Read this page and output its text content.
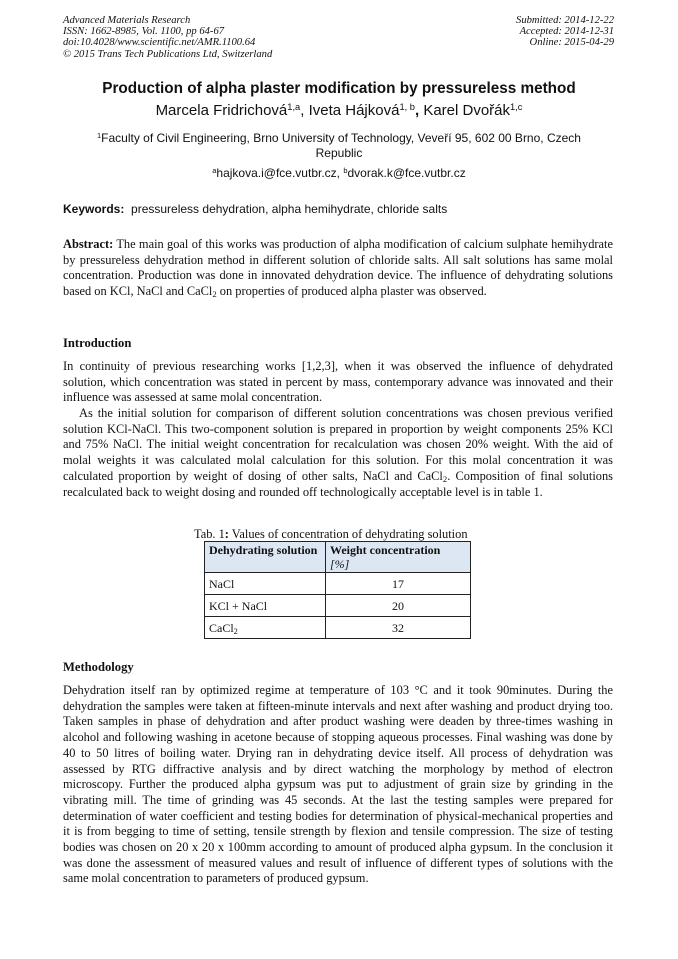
Advanced Materials Research
ISSN: 1662-8985, Vol. 1100, pp 64-67
doi:10.4028/www.scientific.net/AMR.1100.64
© 2015 Trans Tech Publications Ltd, Switzerland
Submitted: 2014-12-22
Accepted: 2014-12-31
Online: 2015-04-29
Production of alpha plaster modification by pressureless method
Marcela Fridrichová$^{1,a}$, Iveta Hájková$^{1, b}$, Karel Dvořák$^{1,c}$
$^1$Faculty of Civil Engineering, Brno University of Technology, Veveří 95, 602 00 Brno, Czech Republic
$^a$hajkova.i@fce.vutbr.cz, $^b$dvorak.k@fce.vutbr.cz
Keywords: pressureless dehydration, alpha hemihydrate, chloride salts
Abstract: The main goal of this works was production of alpha modification of calcium sulphate hemihydrate by pressureless dehydration method in different solution of chloride salts. All salt solutions has same molal concentration. Production was done in innovated dehydration device. The influence of dehydrating solutions based on KCl, NaCl and CaCl$_2$ on properties of produced alpha plaster was observed.
Introduction
In continuity of previous researching works [1,2,3], when it was observed the influence of dehydrated solution, which concentration was stated in percent by mass, contemporary advance was innovated and their influence was assessed at same molal concentration.
As the initial solution for comparison of different solution concentrations was chosen previous verified solution KCl-NaCl. This two-component solution is prepared in proportion by weight components 25% KCl and 75% NaCl. The initial weight concentration for recalculation was chosen 20% weight. With the aid of molal weights it was calculated molal calculation for this solution. For this molal concentration it was calculated proportion by weight of dosing of other salts, NaCl and CaCl$_2$. Composition of final solutions recalculated back to weight dosing and rounded off technologically acceptable level is in table 1.
Tab. 1: Values of concentration of dehydrating solution
Dehydrating solution	Weight concentration
[%]

NaCl	17
KCl + NaCl	20
CaCl$_2$	32
Methodology
Dehydration itself ran by optimized regime at temperature of 103 °C and it took 90minutes. During the dehydration the samples were taken at fifteen-minute intervals and next after washing and product drying too. Taken samples in phase of dehydration and after product washing were deaden by three-times washing in alcohol and following washing in acetone because of stopping aqueous processes. Final washing was done by 40 to 50 litres of boiling water. Drying ran in dehydrating device itself. All process of dehydration was assessed by RTG diffractive analysis and by direct watching the morphology by method of electron microscopy. Further the produced alpha gypsum was put to adjustment of grain size by grinding in the vibrating mill. The time of grinding was 45 seconds. At the last the testing samples were prepared for determination of water coefficient and testing bodies for determination of physical-mechanical properties and it is from begging to time of setting, tensile strength by flexion and tensile compression. The size of testing bodies was chosen on 20 x 20 x 100mm according to amount of produced alpha gypsum. In the conclusion it was done the assessment of measured values and result of influence of different types of solutions with the same molal concentration to parameters of produced gypsum.
